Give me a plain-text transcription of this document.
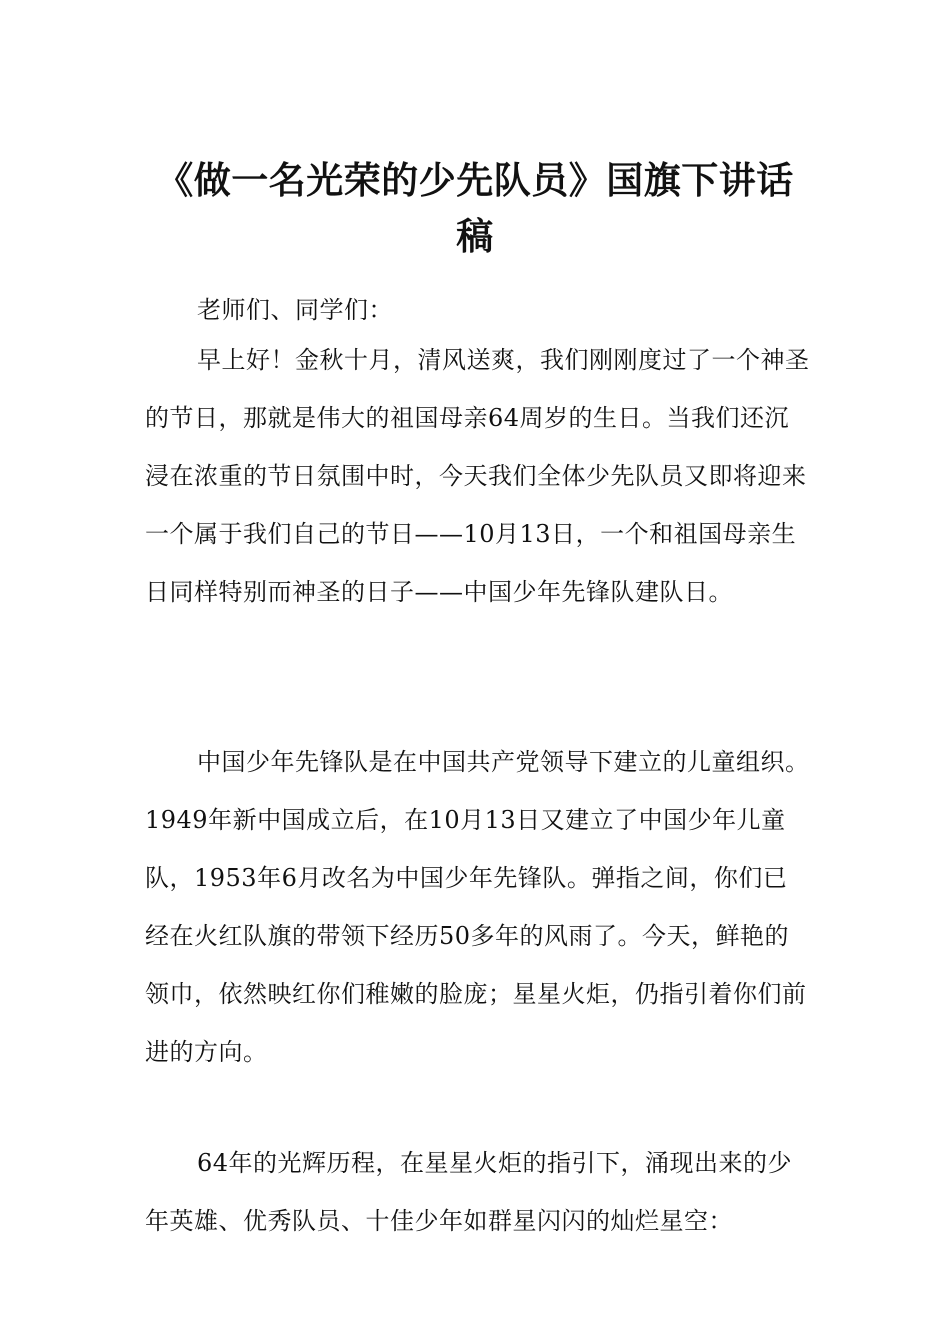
《做一名光荣的少先队员》国旗下讲话稿

老师们、同学们：

早上好！金秋十月，清风送爽，我们刚刚度过了一个神圣的节日，那就是伟大的祖国母亲64周岁的生日。当我们还沉浸在浓重的节日氛围中时，今天我们全体少先队员又即将迎来一个属于我们自己的节日——10月13日，一个和祖国母亲生日同样特别而神圣的日子——中国少年先锋队建队日。

中国少年先锋队是在中国共产党领导下建立的儿童组织。1949年新中国成立后，在10月13日又建立了中国少年儿童队，1953年6月改名为中国少年先锋队。弹指之间，你们已经在火红队旗的带领下经历50多年的风雨了。今天，鲜艳的领巾，依然映红你们稚嫩的脸庞；星星火炬，仍指引着你们前进的方向。

64年的光辉历程，在星星火炬的指引下，涌现出来的少年英雄、优秀队员、十佳少年如群星闪闪的灿烂星空：
